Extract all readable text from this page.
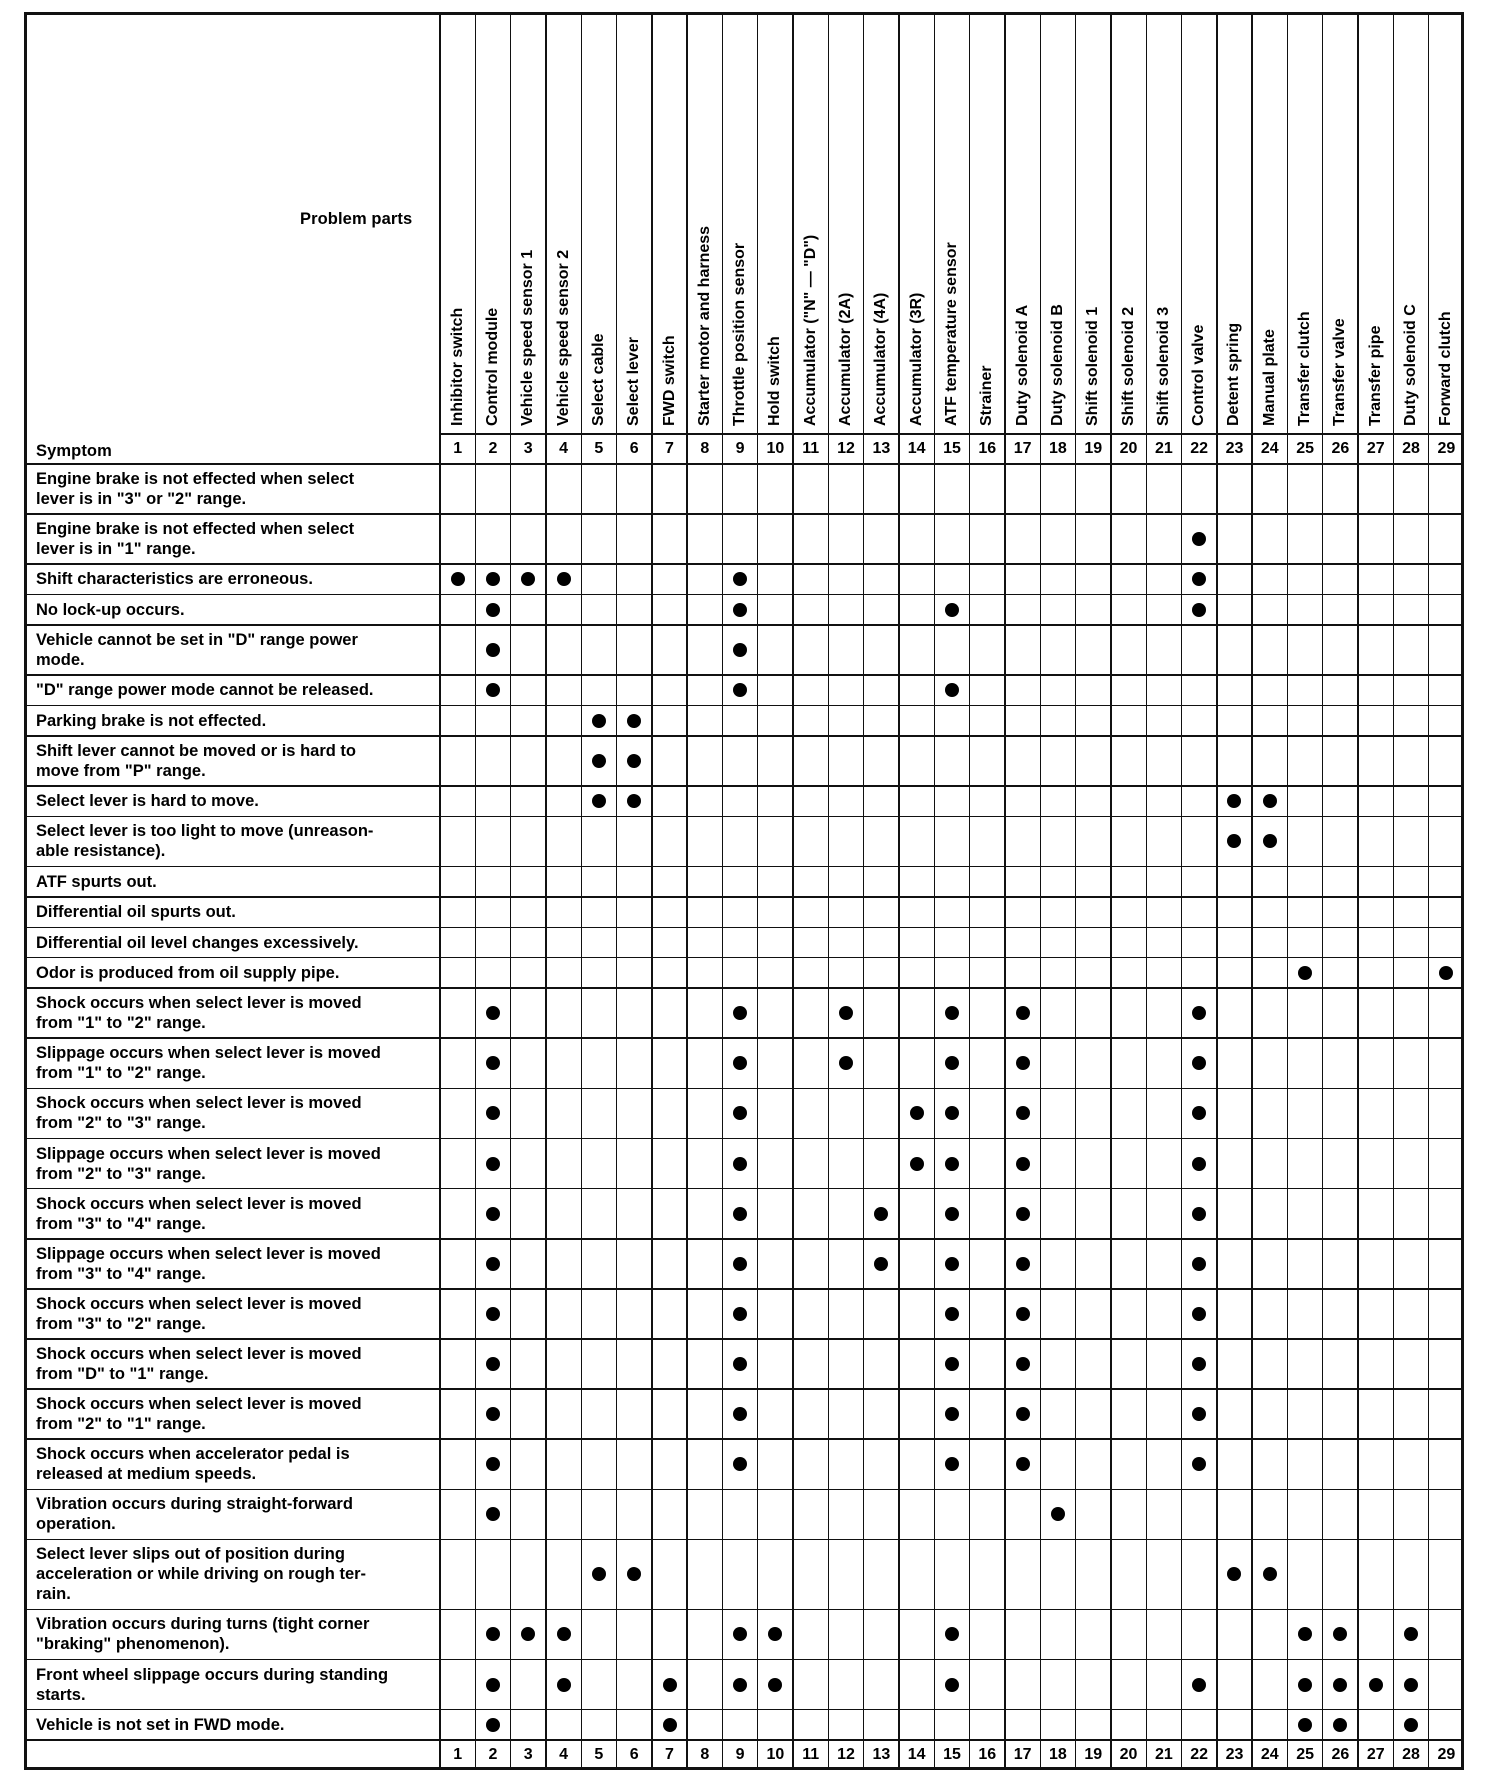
Problem parts
Symptom
Inhibitor switch
1
1
Control module
2
2
Vehicle speed sensor 1
3
3
Vehicle speed sensor 2
4
4
Select cable
5
5
Select lever
6
6
FWD switch
7
7
Starter motor and harness
8
8
Throttle position sensor
9
9
Hold switch
10
10
Accumulator ("N" — "D")
11
11
Accumulator (2A)
12
12
Accumulator (4A)
13
13
Accumulator (3R)
14
14
ATF temperature sensor
15
15
Strainer
16
16
Duty solenoid A
17
17
Duty solenoid B
18
18
Shift solenoid 1
19
19
Shift solenoid 2
20
20
Shift solenoid 3
21
21
Control valve
22
22
Detent spring
23
23
Manual plate
24
24
Transfer clutch
25
25
Transfer valve
26
26
Transfer pipe
27
27
Duty solenoid C
28
28
Forward clutch
29
29
Engine brake is not effected when select
lever is in "3" or "2" range.
Engine brake is not effected when select
lever is in "1" range.
Shift characteristics are erroneous.
No lock-up occurs.
Vehicle cannot be set in "D" range power
mode.
"D" range power mode cannot be released.
Parking brake is not effected.
Shift lever cannot be moved or is hard to
move from "P" range.
Select lever is hard to move.
Select lever is too light to move (unreason-
able resistance).
ATF spurts out.
Differential oil spurts out.
Differential oil level changes excessively.
Odor is produced from oil supply pipe.
Shock occurs when select lever is moved
from "1" to "2" range.
Slippage occurs when select lever is moved
from "1" to "2" range.
Shock occurs when select lever is moved
from "2" to "3" range.
Slippage occurs when select lever is moved
from "2" to "3" range.
Shock occurs when select lever is moved
from "3" to "4" range.
Slippage occurs when select lever is moved
from "3" to "4" range.
Shock occurs when select lever is moved
from "3" to "2" range.
Shock occurs when select lever is moved
from "D" to "1" range.
Shock occurs when select lever is moved
from "2" to "1" range.
Shock occurs when accelerator pedal is
released at medium speeds.
Vibration occurs during straight-forward
operation.
Select lever slips out of position during
acceleration or while driving on rough ter-
rain.
Vibration occurs during turns (tight corner
"braking" phenomenon).
Front wheel slippage occurs during standing
starts.
Vehicle is not set in FWD mode.
